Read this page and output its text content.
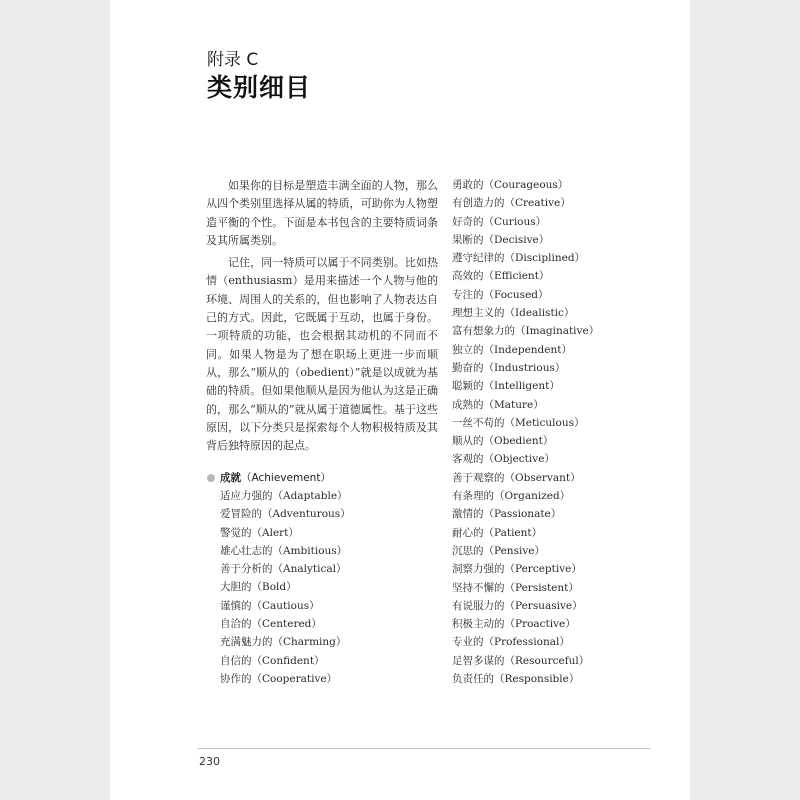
附录 C
类别细目

如果你的目标是塑造丰满全面的人物，那么从四个类别里选择从属的特质，可助你为人物塑造平衡的个性。下面是本书包含的主要特质词条及其所属类别。

记住，同一特质可以属于不同类别。比如热情（enthusiasm）是用来描述一个人物与他的环境、周围人的关系的，但也影响了人物表达自己的方式。因此，它既属于互动，也属于身份。一项特质的功能，也会根据其动机的不同而不同。如果人物是为了想在职场上更进一步而顺从，那么“顺从的（obedient）”就是以成就为基础的特质。但如果他顺从是因为他认为这是正确的，那么“顺从的”就从属于道德属性。基于这些原因，以下分类只是探索每个人物积极特质及其背后独特原因的起点。

成就 （Achievement）
适应力强的（Adaptable）
爱冒险的（Adventurous）
警觉的（Alert）
雄心壮志的（Ambitious）
善于分析的（Analytical）
大胆的（Bold）
谨慎的（Cautious）
自洽的（Centered）
充满魅力的（Charming）
自信的（Confident）
协作的（Cooperative）
勇敢的（Courageous）
有创造力的（Creative）
好奇的（Curious）
果断的（Decisive）
遵守纪律的（Disciplined）
高效的（Efficient）
专注的（Focused）
理想主义的（Idealistic）
富有想象力的（Imaginative）
独立的（Independent）
勤奋的（Industrious）
聪颖的（Intelligent）
成熟的（Mature）
一丝不苟的（Meticulous）
顺从的（Obedient）
客观的（Objective）
善于观察的（Observant）
有条理的（Organized）
激情的（Passionate）
耐心的（Patient）
沉思的（Pensive）
洞察力强的（Perceptive）
坚持不懈的（Persistent）
有说服力的（Persuasive）
积极主动的（Proactive）
专业的（Professional）
足智多谋的（Resourceful）
负责任的（Responsible）
230
